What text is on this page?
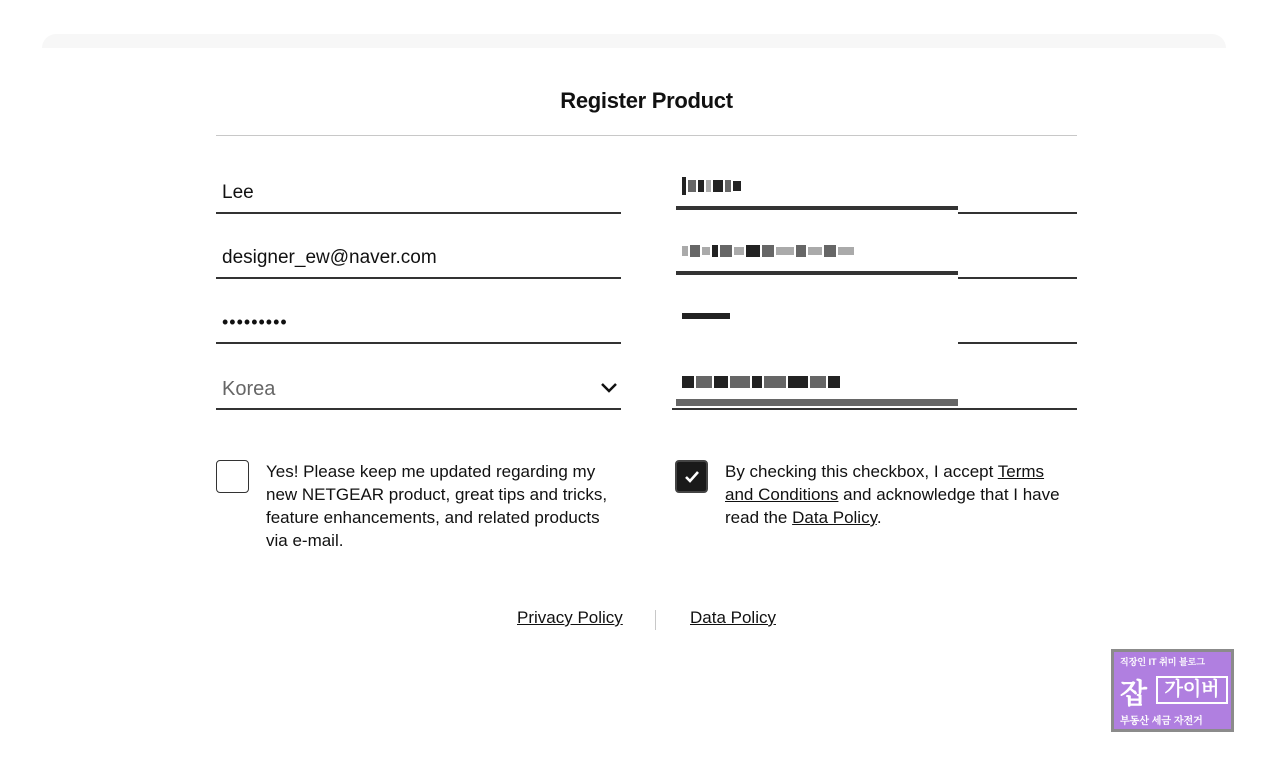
Register Product
Lee
designer_ew@naver.com
•••••••••
Korea
Yes! Please keep me updated regarding my new NETGEAR product, great tips and tricks, feature enhancements, and related products via e-mail.
By checking this checkbox, I accept Terms and Conditions and acknowledge that I have read the Data Policy.
Privacy Policy	Data Policy
직장인 IT 취미 블로그
잡 가이버
부동산 세금 자전거
